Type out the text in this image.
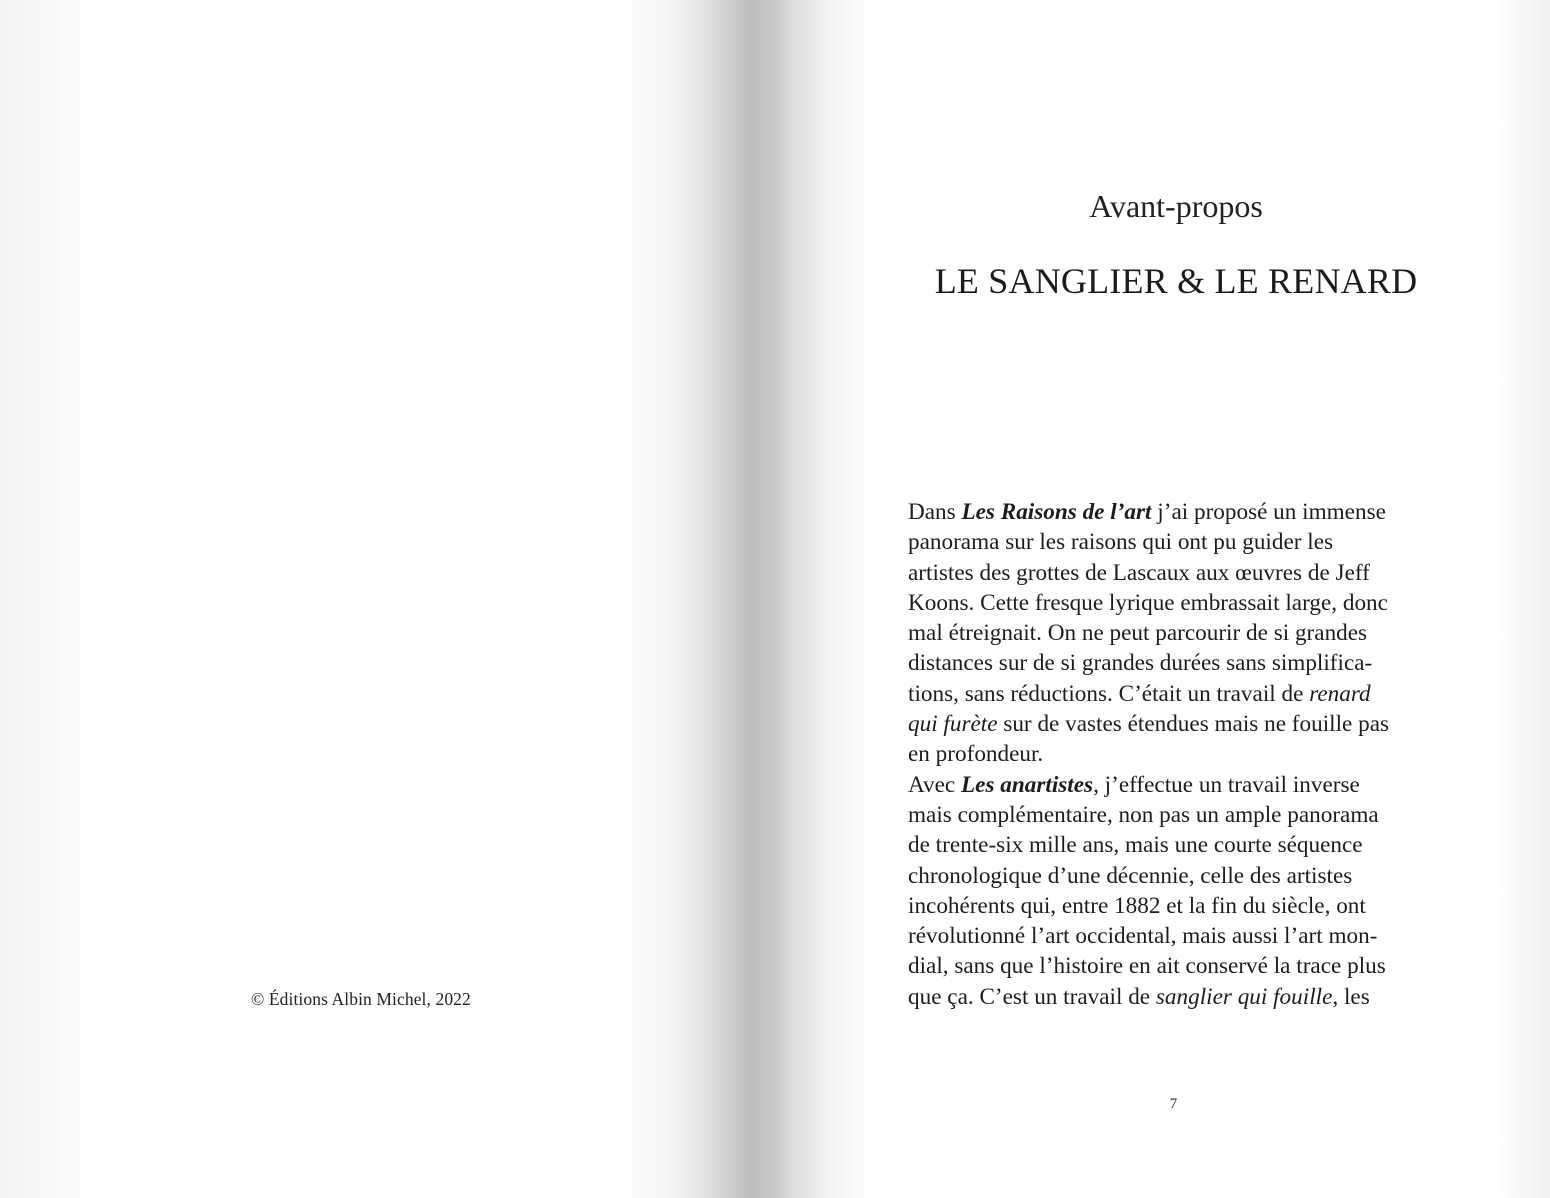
© Éditions Albin Michel, 2022
Avant-propos
LE SANGLIER & LE RENARD
Dans Les Raisons de l’art j’ai proposé un immense
panorama sur les raisons qui ont pu guider les
artistes des grottes de Lascaux aux œuvres de Jeff
Koons. Cette fresque lyrique embrassait large, donc
mal étreignait. On ne peut parcourir de si grandes
distances sur de si grandes durées sans simplifica-
tions, sans réductions. C’était un travail de renard
qui furète sur de vastes étendues mais ne fouille pas
en profondeur.
Avec Les anartistes, j’effectue un travail inverse
mais complémentaire, non pas un ample panorama
de trente-six mille ans, mais une courte séquence
chronologique d’une décennie, celle des artistes
incohérents qui, entre 1882 et la fin du siècle, ont
révolutionné l’art occidental, mais aussi l’art mon-
dial, sans que l’histoire en ait conservé la trace plus
que ça. C’est un travail de sanglier qui fouille, les
7
